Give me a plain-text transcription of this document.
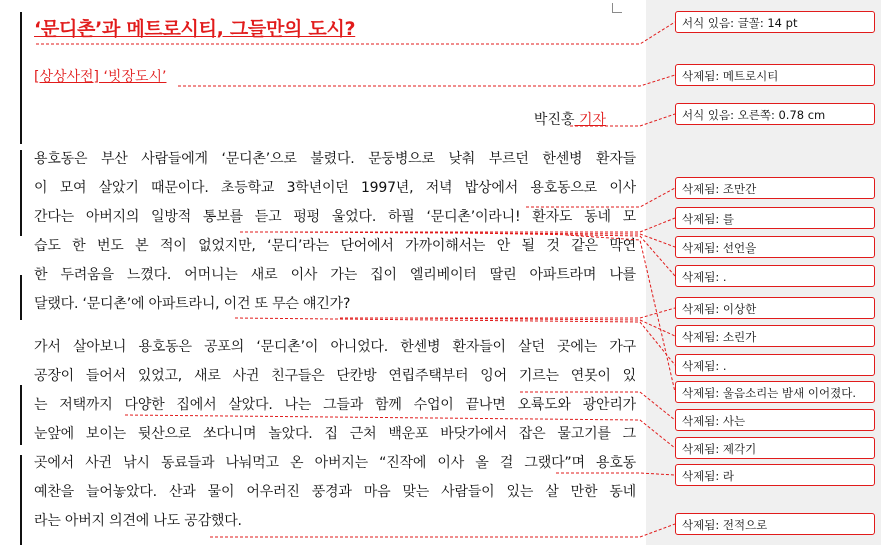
‘문디촌’과 메트로시티, 그들만의 도시?
[상상사전] ‘빗장도시’
박진홍 기자
용호동은 부산 사람들에게 ‘문디촌’으로 불렸다. 문둥병으로 낮춰 부르던 한센병 환자들
이 모여 살았기 때문이다. 초등학교 3학년이던 1997년, 저녁 밥상에서 용호동으로 이사
간다는 아버지의 일방적 통보를 듣고 펑펑 울었다. 하필 ‘문디촌’이라니! 환자도 동네 모
습도 한 번도 본 적이 없었지만, ‘문디’라는 단어에서 가까이해서는 안 될 것 같은 막연
한 두려움을 느꼈다. 어머니는 새로 이사 가는 집이 엘리베이터 딸린 아파트라며 나를
달랬다. ‘문디촌’에 아파트라니, 이건 또 무슨 얘긴가?
가서 살아보니 용호동은 공포의 ‘문디촌’이 아니었다. 한센병 환자들이 살던 곳에는 가구
공장이 들어서 있었고, 새로 사귄 친구들은 단칸방 연립주택부터 잉어 기르는 연못이 있
는 저택까지 다양한 집에서 살았다. 나는 그들과 함께 수업이 끝나면 오륙도와 광안리가
눈앞에 보이는 뒷산으로 쏘다니며 놀았다. 집 근처 백운포 바닷가에서 잡은 물고기를 그
곳에서 사귄 낚시 동료들과 나눠먹고 온 아버지는 “진작에 이사 올 걸 그랬다”며 용호동
예찬을 늘어놓았다. 산과 물이 어우러진 풍경과 마음 맞는 사람들이 있는 살 만한 동네
라는 아버지 의견에 나도 공감했다.
서식 있음: 글꼴: 14 pt
삭제됨: 메트로시티
서식 있음: 오른쪽: 0.78 cm
삭제됨: 조만간
삭제됨: 를
삭제됨: 선언을
삭제됨: .
삭제됨: 이상한
삭제됨: 소린가
삭제됨: .
삭제됨: 울음소리는 밤새 이어졌다.
삭제됨: 사는
삭제됨: 제각기
삭제됨: 라
삭제됨: 전적으로
